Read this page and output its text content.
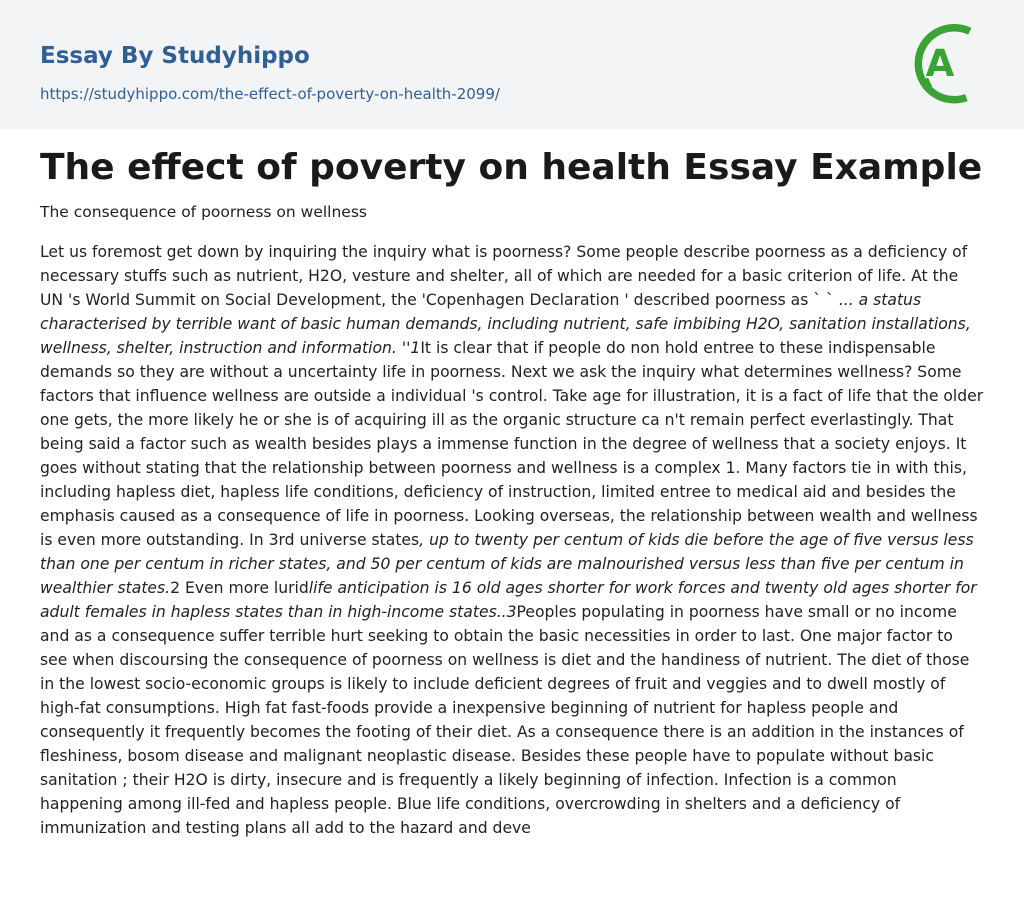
Essay By Studyhippo
https://studyhippo.com/the-effect-of-poverty-on-health-2099/
A
The effect of poverty on health Essay Example

The consequence of poorness on wellness

Let us foremost get down by inquiring the inquiry what is poorness? Some people describe poorness as a deficiency of necessary stuffs such as nutrient, H2O, vesture and shelter, all of which are needed for a basic criterion of life. At the UN 's World Summit on Social Development, the 'Copenhagen Declaration ' described poorness as ` ` ... a status characterised by terrible want of basic human demands, including nutrient, safe imbibing H2O, sanitation installations, wellness, shelter, instruction and information. ''1It is clear that if people do non hold entree to these indispensable demands so they are without a uncertainty life in poorness. Next we ask the inquiry what determines wellness? Some factors that influence wellness are outside a individual 's control. Take age for illustration, it is a fact of life that the older one gets, the more likely he or she is of acquiring ill as the organic structure ca n't remain perfect everlastingly. That being said a factor such as wealth besides plays a immense function in the degree of wellness that a society enjoys. It goes without stating that the relationship between poorness and wellness is a complex 1. Many factors tie in with this, including hapless diet, hapless life conditions, deficiency of instruction, limited entree to medical aid and besides the emphasis caused as a consequence of life in poorness. Looking overseas, the relationship between wealth and wellness is even more outstanding. In 3rd universe states, up to twenty per centum of kids die before the age of five versus less than one per centum in richer states, and 50 per centum of kids are malnourished versus less than five per centum in wealthier states.2 Even more luridlife anticipation is 16 old ages shorter for work forces and twenty old ages shorter for adult females in hapless states than in high-income states..3Peoples populating in poorness have small or no income and as a consequence suffer terrible hurt seeking to obtain the basic necessities in order to last. One major factor to see when discoursing the consequence of poorness on wellness is diet and the handiness of nutrient. The diet of those in the lowest socio-economic groups is likely to include deficient degrees of fruit and veggies and to dwell mostly of high-fat consumptions. High fat fast-foods provide a inexpensive beginning of nutrient for hapless people and consequently it frequently becomes the footing of their diet. As a consequence there is an addition in the instances of fleshiness, bosom disease and malignant neoplastic disease. Besides these people have to populate without basic sanitation ; their H2O is dirty, insecure and is frequently a likely beginning of infection. Infection is a common happening among ill-fed and hapless people. Blue life conditions, overcrowding in shelters and a deficiency of immunization and testing plans all add to the hazard and deve
